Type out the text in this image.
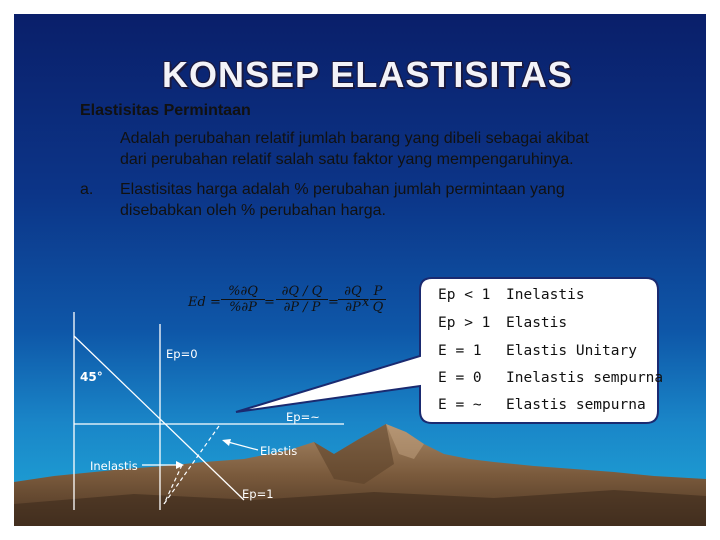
KONSEP ELASTISITAS
Elastisitas Permintaan
Adalah perubahan relatif jumlah barang yang dibeli sebagai akibat
dari perubahan relatif salah satu faktor yang mempengaruhinya.
a. Elastisitas harga adalah % perubahan jumlah permintaan yang
disebabkan oleh % perubahan harga.
$Ed = \frac{\%\partial Q}{\%\partial P} = \frac{\partial Q / Q}{\partial P / P} = \frac{\partial Q}{\partial P}$
x $\frac{P}{Q}$	Ep < 1 Inelastis
Ep > 1 Elastis
E = 1 Elastis Unitary
E = 0 Inelastis sempurna
E = ~ Elastis sempurna
Ep=0
45°
Ep=~
Elastis
Inelastis
Ep=1
